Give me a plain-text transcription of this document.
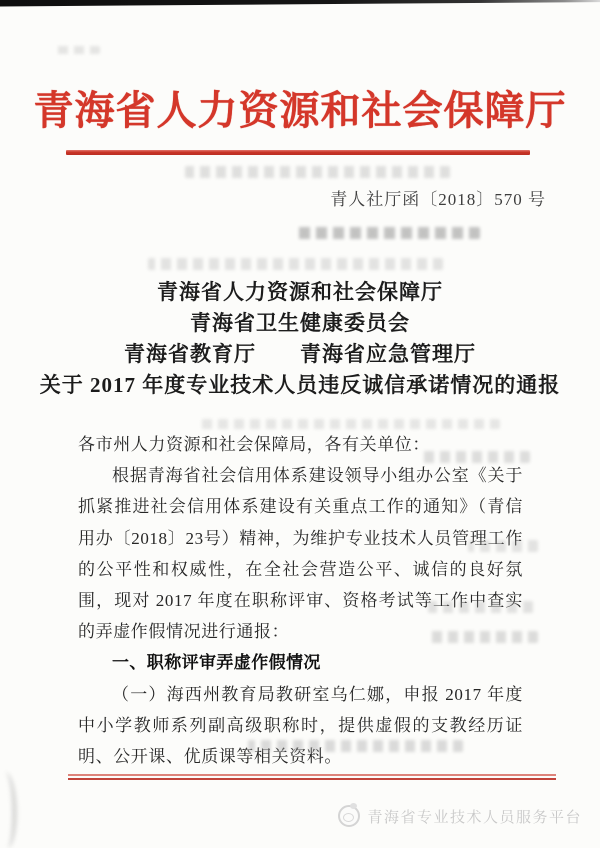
青海省人力资源和社会保障厅
青人社厅函〔2018〕570 号
青海省人力资源和社会保障厅
青海省卫生健康委员会
青海省教育厅　　青海省应急管理厅
关于 2017 年度专业技术人员违反诚信承诺情况的通报

各市州人力资源和社会保障局，各有关单位：

根据青海省社会信用体系建设领导小组办公室《关于抓紧推进社会信用体系建设有关重点工作的通知》（青信用办〔2018〕23号）精神，为维护专业技术人员管理工作的公平性和权威性，在全社会营造公平、诚信的良好氛围，现对 2017 年度在职称评审、资格考试等工作中查实的弄虚作假情况进行通报：

一、职称评审弄虚作假情况

（一）海西州教育局教研室乌仁娜，申报 2017 年度中小学教师系列副高级职称时，提供虚假的支教经历证明、公开课、优质课等相关资料。

青海省专业技术人员服务平台
